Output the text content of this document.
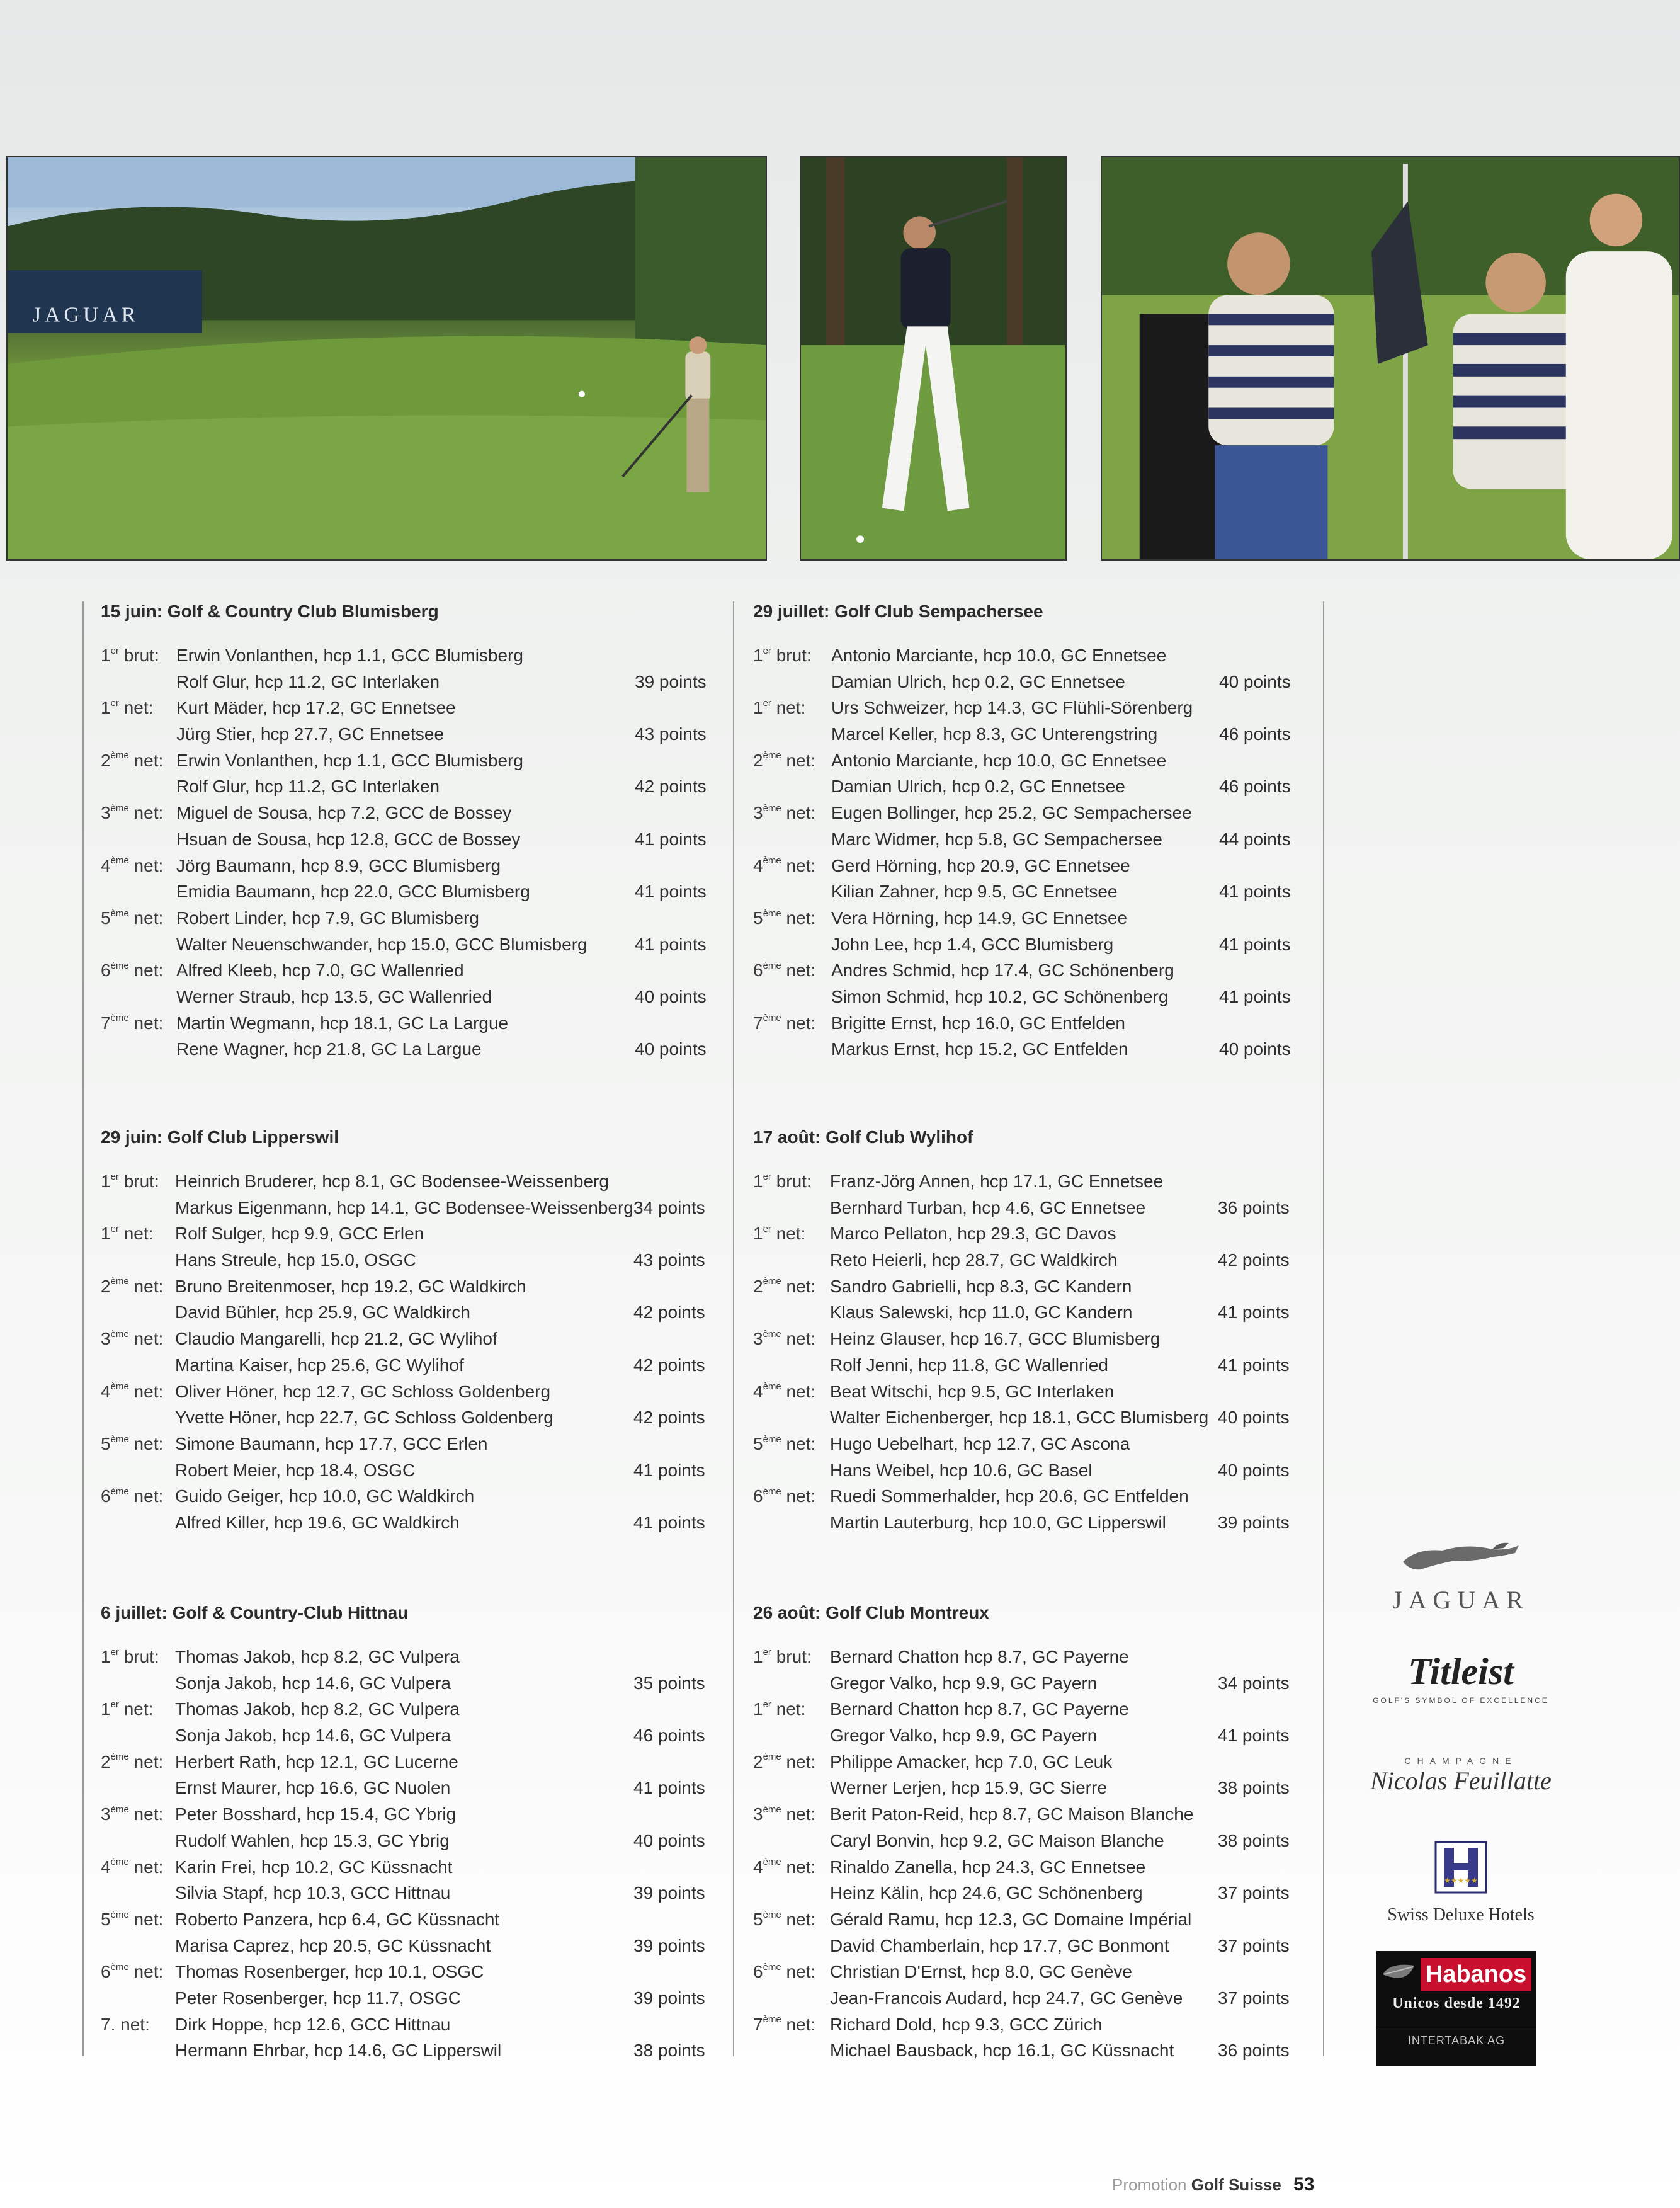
JAGUAR
15 juin: Golf & Country Club Blumisberg
1er brut: Erwin Vonlanthen, hcp 1.1, GCC Blumisberg
Rolf Glur, hcp 11.2, GC Interlaken	39 points
1er net: Kurt Mäder, hcp 17.2, GC Ennetsee
Jürg Stier, hcp 27.7, GC Ennetsee	43 points
2ème net: Erwin Vonlanthen, hcp 1.1, GCC Blumisberg
Rolf Glur, hcp 11.2, GC Interlaken	42 points
3ème net: Miguel de Sousa, hcp 7.2, GCC de Bossey
Hsuan de Sousa, hcp 12.8, GCC de Bossey	41 points
4ème net: Jörg Baumann, hcp 8.9, GCC Blumisberg
Emidia Baumann, hcp 22.0, GCC Blumisberg	41 points
5ème net: Robert Linder, hcp 7.9, GC Blumisberg
Walter Neuenschwander, hcp 15.0, GCC Blumisberg	41 points
6ème net: Alfred Kleeb, hcp 7.0, GC Wallenried
Werner Straub, hcp 13.5, GC Wallenried	40 points
7ème net: Martin Wegmann, hcp 18.1, GC La Largue
Rene Wagner, hcp 21.8, GC La Largue	40 points
29 juin: Golf Club Lipperswil
1er brut: Heinrich Bruderer, hcp 8.1, GC Bodensee-Weissenberg
Markus Eigenmann, hcp 14.1, GC Bodensee-Weissenberg 34 points
1er net: Rolf Sulger, hcp 9.9, GCC Erlen
Hans Streule, hcp 15.0, OSGC	43 points
2ème net: Bruno Breitenmoser, hcp 19.2, GC Waldkirch
David Bühler, hcp 25.9, GC Waldkirch	42 points
3ème net: Claudio Mangarelli, hcp 21.2, GC Wylihof
Martina Kaiser, hcp 25.6, GC Wylihof	42 points
4ème net: Oliver Höner, hcp 12.7, GC Schloss Goldenberg
Yvette Höner, hcp 22.7, GC Schloss Goldenberg	42 points
5ème net: Simone Baumann, hcp 17.7, GCC Erlen
Robert Meier, hcp 18.4, OSGC	41 points
6ème net: Guido Geiger, hcp 10.0, GC Waldkirch
Alfred Killer, hcp 19.6, GC Waldkirch	41 points
6 juillet: Golf & Country-Club Hittnau
1er brut: Thomas Jakob, hcp 8.2, GC Vulpera
Sonja Jakob, hcp 14.6, GC Vulpera	35 points
1er net: Thomas Jakob, hcp 8.2, GC Vulpera
Sonja Jakob, hcp 14.6, GC Vulpera	46 points
2ème net: Herbert Rath, hcp 12.1, GC Lucerne
Ernst Maurer, hcp 16.6, GC Nuolen	41 points
3ème net: Peter Bosshard, hcp 15.4, GC Ybrig
Rudolf Wahlen, hcp 15.3, GC Ybrig	40 points
4ème net: Karin Frei, hcp 10.2, GC Küssnacht
Silvia Stapf, hcp 10.3, GCC Hittnau	39 points
5ème net: Roberto Panzera, hcp 6.4, GC Küssnacht
Marisa Caprez, hcp 20.5, GC Küssnacht	39 points
6ème net: Thomas Rosenberger, hcp 10.1, OSGC
Peter Rosenberger, hcp 11.7, OSGC	39 points
7. net: Dirk Hoppe, hcp 12.6, GCC Hittnau
Hermann Ehrbar, hcp 14.6, GC Lipperswil	38 points
29 juillet: Golf Club Sempachersee
1er brut: Antonio Marciante, hcp 10.0, GC Ennetsee
Damian Ulrich, hcp 0.2, GC Ennetsee	40 points
1er net: Urs Schweizer, hcp 14.3, GC Flühli-Sörenberg
Marcel Keller, hcp 8.3, GC Unterengstring	46 points
2ème net: Antonio Marciante, hcp 10.0, GC Ennetsee
Damian Ulrich, hcp 0.2, GC Ennetsee	46 points
3ème net: Eugen Bollinger, hcp 25.2, GC Sempachersee
Marc Widmer, hcp 5.8, GC Sempachersee	44 points
4ème net: Gerd Hörning, hcp 20.9, GC Ennetsee
Kilian Zahner, hcp 9.5, GC Ennetsee	41 points
5ème net: Vera Hörning, hcp 14.9, GC Ennetsee
John Lee, hcp 1.4, GCC Blumisberg	41 points
6ème net: Andres Schmid, hcp 17.4, GC Schönenberg
Simon Schmid, hcp 10.2, GC Schönenberg	41 points
7ème net: Brigitte Ernst, hcp 16.0, GC Entfelden
Markus Ernst, hcp 15.2, GC Entfelden	40 points
17 août: Golf Club Wylihof
1er brut: Franz-Jörg Annen, hcp 17.1, GC Ennetsee
Bernhard Turban, hcp 4.6, GC Ennetsee	36 points
1er net: Marco Pellaton, hcp 29.3, GC Davos
Reto Heierli, hcp 28.7, GC Waldkirch	42 points
2ème net: Sandro Gabrielli, hcp 8.3, GC Kandern
Klaus Salewski, hcp 11.0, GC Kandern	41 points
3ème net: Heinz Glauser, hcp 16.7, GCC Blumisberg
Rolf Jenni, hcp 11.8, GC Wallenried	41 points
4ème net: Beat Witschi, hcp 9.5, GC Interlaken
Walter Eichenberger, hcp 18.1, GCC Blumisberg 40 points
5ème net: Hugo Uebelhart, hcp 12.7, GC Ascona
Hans Weibel, hcp 10.6, GC Basel	40 points
6ème net: Ruedi Sommerhalder, hcp 20.6, GC Entfelden
Martin Lauterburg, hcp 10.0, GC Lipperswil	39 points
26 août: Golf Club Montreux
1er brut: Bernard Chatton hcp 8.7, GC Payerne
Gregor Valko, hcp 9.9, GC Payern	34 points
1er net: Bernard Chatton hcp 8.7, GC Payerne
Gregor Valko, hcp 9.9, GC Payern	41 points
2ème net: Philippe Amacker, hcp 7.0, GC Leuk
Werner Lerjen, hcp 15.9, GC Sierre	38 points
3ème net: Berit Paton-Reid, hcp 8.7, GC Maison Blanche
Caryl Bonvin, hcp 9.2, GC Maison Blanche	38 points
4ème net: Rinaldo Zanella, hcp 24.3, GC Ennetsee
Heinz Kälin, hcp 24.6, GC Schönenberg	37 points
5ème net: Gérald Ramu, hcp 12.3, GC Domaine Impérial
David Chamberlain, hcp 17.7, GC Bonmont	37 points
6ème net: Christian D'Ernst, hcp 8.0, GC Genève
Jean-Francois Audard, hcp 24.7, GC Genève 37 points
7ème net: Richard Dold, hcp 9.3, GCC Zürich
Michael Bausback, hcp 16.1, GC Küssnacht 36 points
JAGUAR
Titleist
GOLF'S SYMBOL OF EXCELLENCE
CHAMPAGNE
Nicolas Feuillatte
★★★★★
Swiss Deluxe Hotels
Habanos
Unicos desde 1492
INTERTABAK AG
Promotion Golf Suisse 53
